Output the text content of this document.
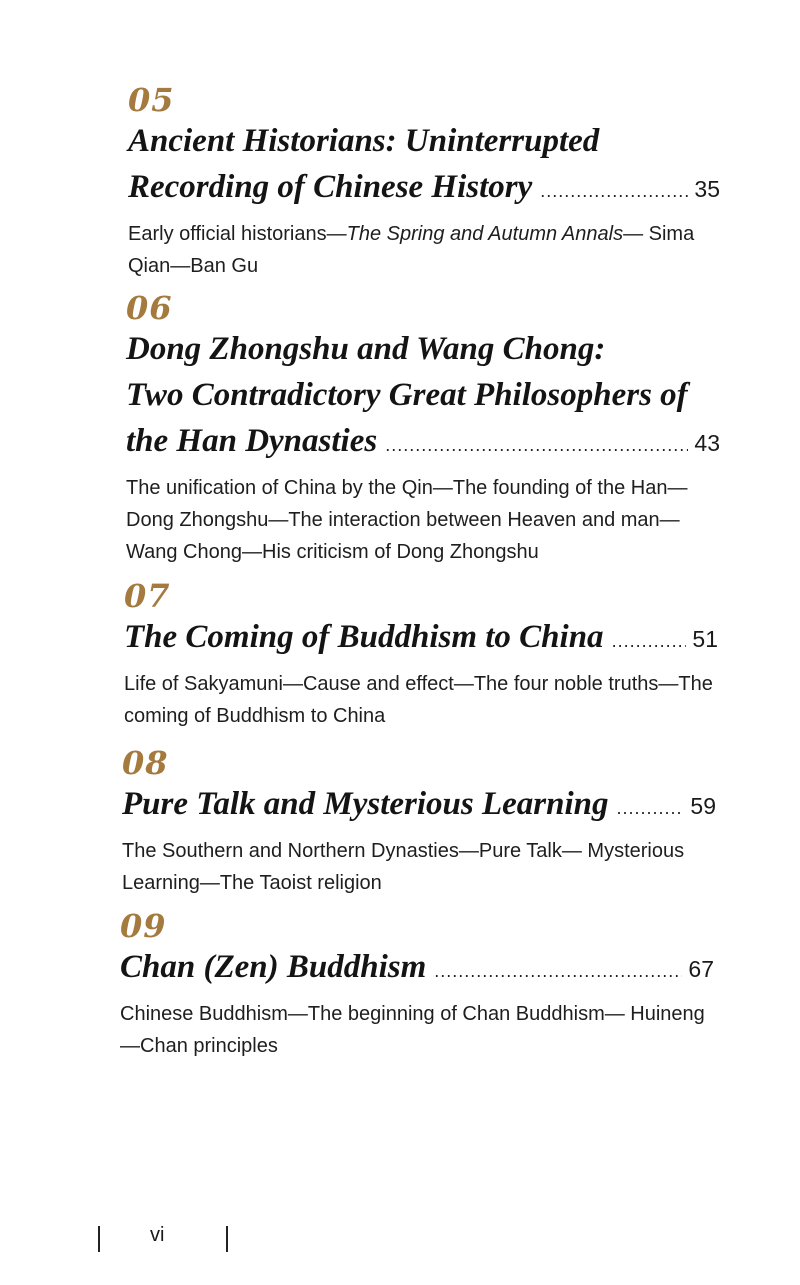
05
Ancient Historians: Uninterrupted
Recording of Chinese History .....	35
Early official historians—The Spring and Autumn Annals— Sima Qian—Ban Gu
06
Dong Zhongshu and Wang Chong:
Two Contradictory Great Philosophers of
the Han Dynasties .....	43
The unification of China by the Qin—The founding of the Han—Dong Zhongshu—The interaction between Heaven and man—Wang Chong—His criticism of Dong Zhongshu
07
The Coming of Buddhism to China .....	51
Life of Sakyamuni—Cause and effect—The four noble truths—The coming of Buddhism to China
08
Pure Talk and Mysterious Learning .....	59
The Southern and Northern Dynasties—Pure Talk— Mysterious Learning—The Taoist religion
09
Chan (Zen) Buddhism .....	67
Chinese Buddhism—The beginning of Chan Buddhism— Huineng—Chan principles
vi
